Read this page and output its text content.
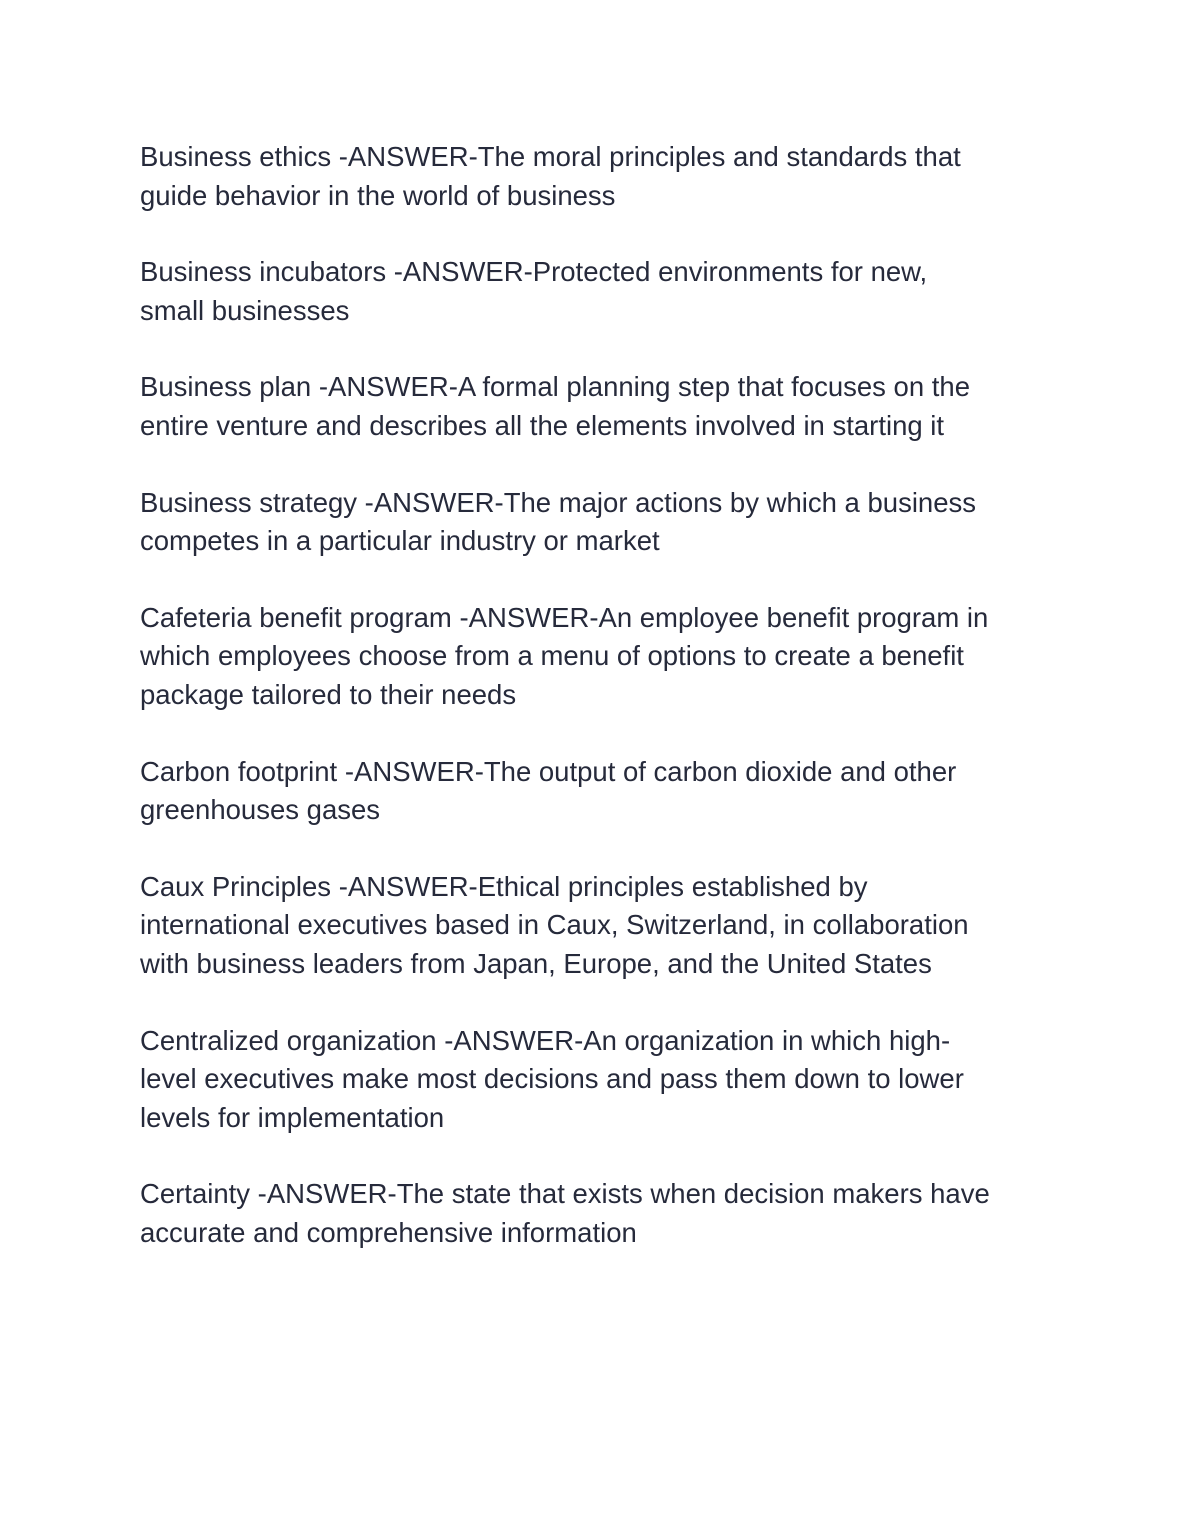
Business ethics -ANSWER-The moral principles and standards that
guide behavior in the world of business
Business incubators -ANSWER-Protected environments for new,
small businesses
Business plan -ANSWER-A formal planning step that focuses on the
entire venture and describes all the elements involved in starting it
Business strategy -ANSWER-The major actions by which a business
competes in a particular industry or market
Cafeteria benefit program -ANSWER-An employee benefit program in
which employees choose from a menu of options to create a benefit
package tailored to their needs
Carbon footprint -ANSWER-The output of carbon dioxide and other
greenhouses gases
Caux Principles -ANSWER-Ethical principles established by
international executives based in Caux, Switzerland, in collaboration
with business leaders from Japan, Europe, and the United States
Centralized organization -ANSWER-An organization in which high-
level executives make most decisions and pass them down to lower
levels for implementation
Certainty -ANSWER-The state that exists when decision makers have
accurate and comprehensive information
